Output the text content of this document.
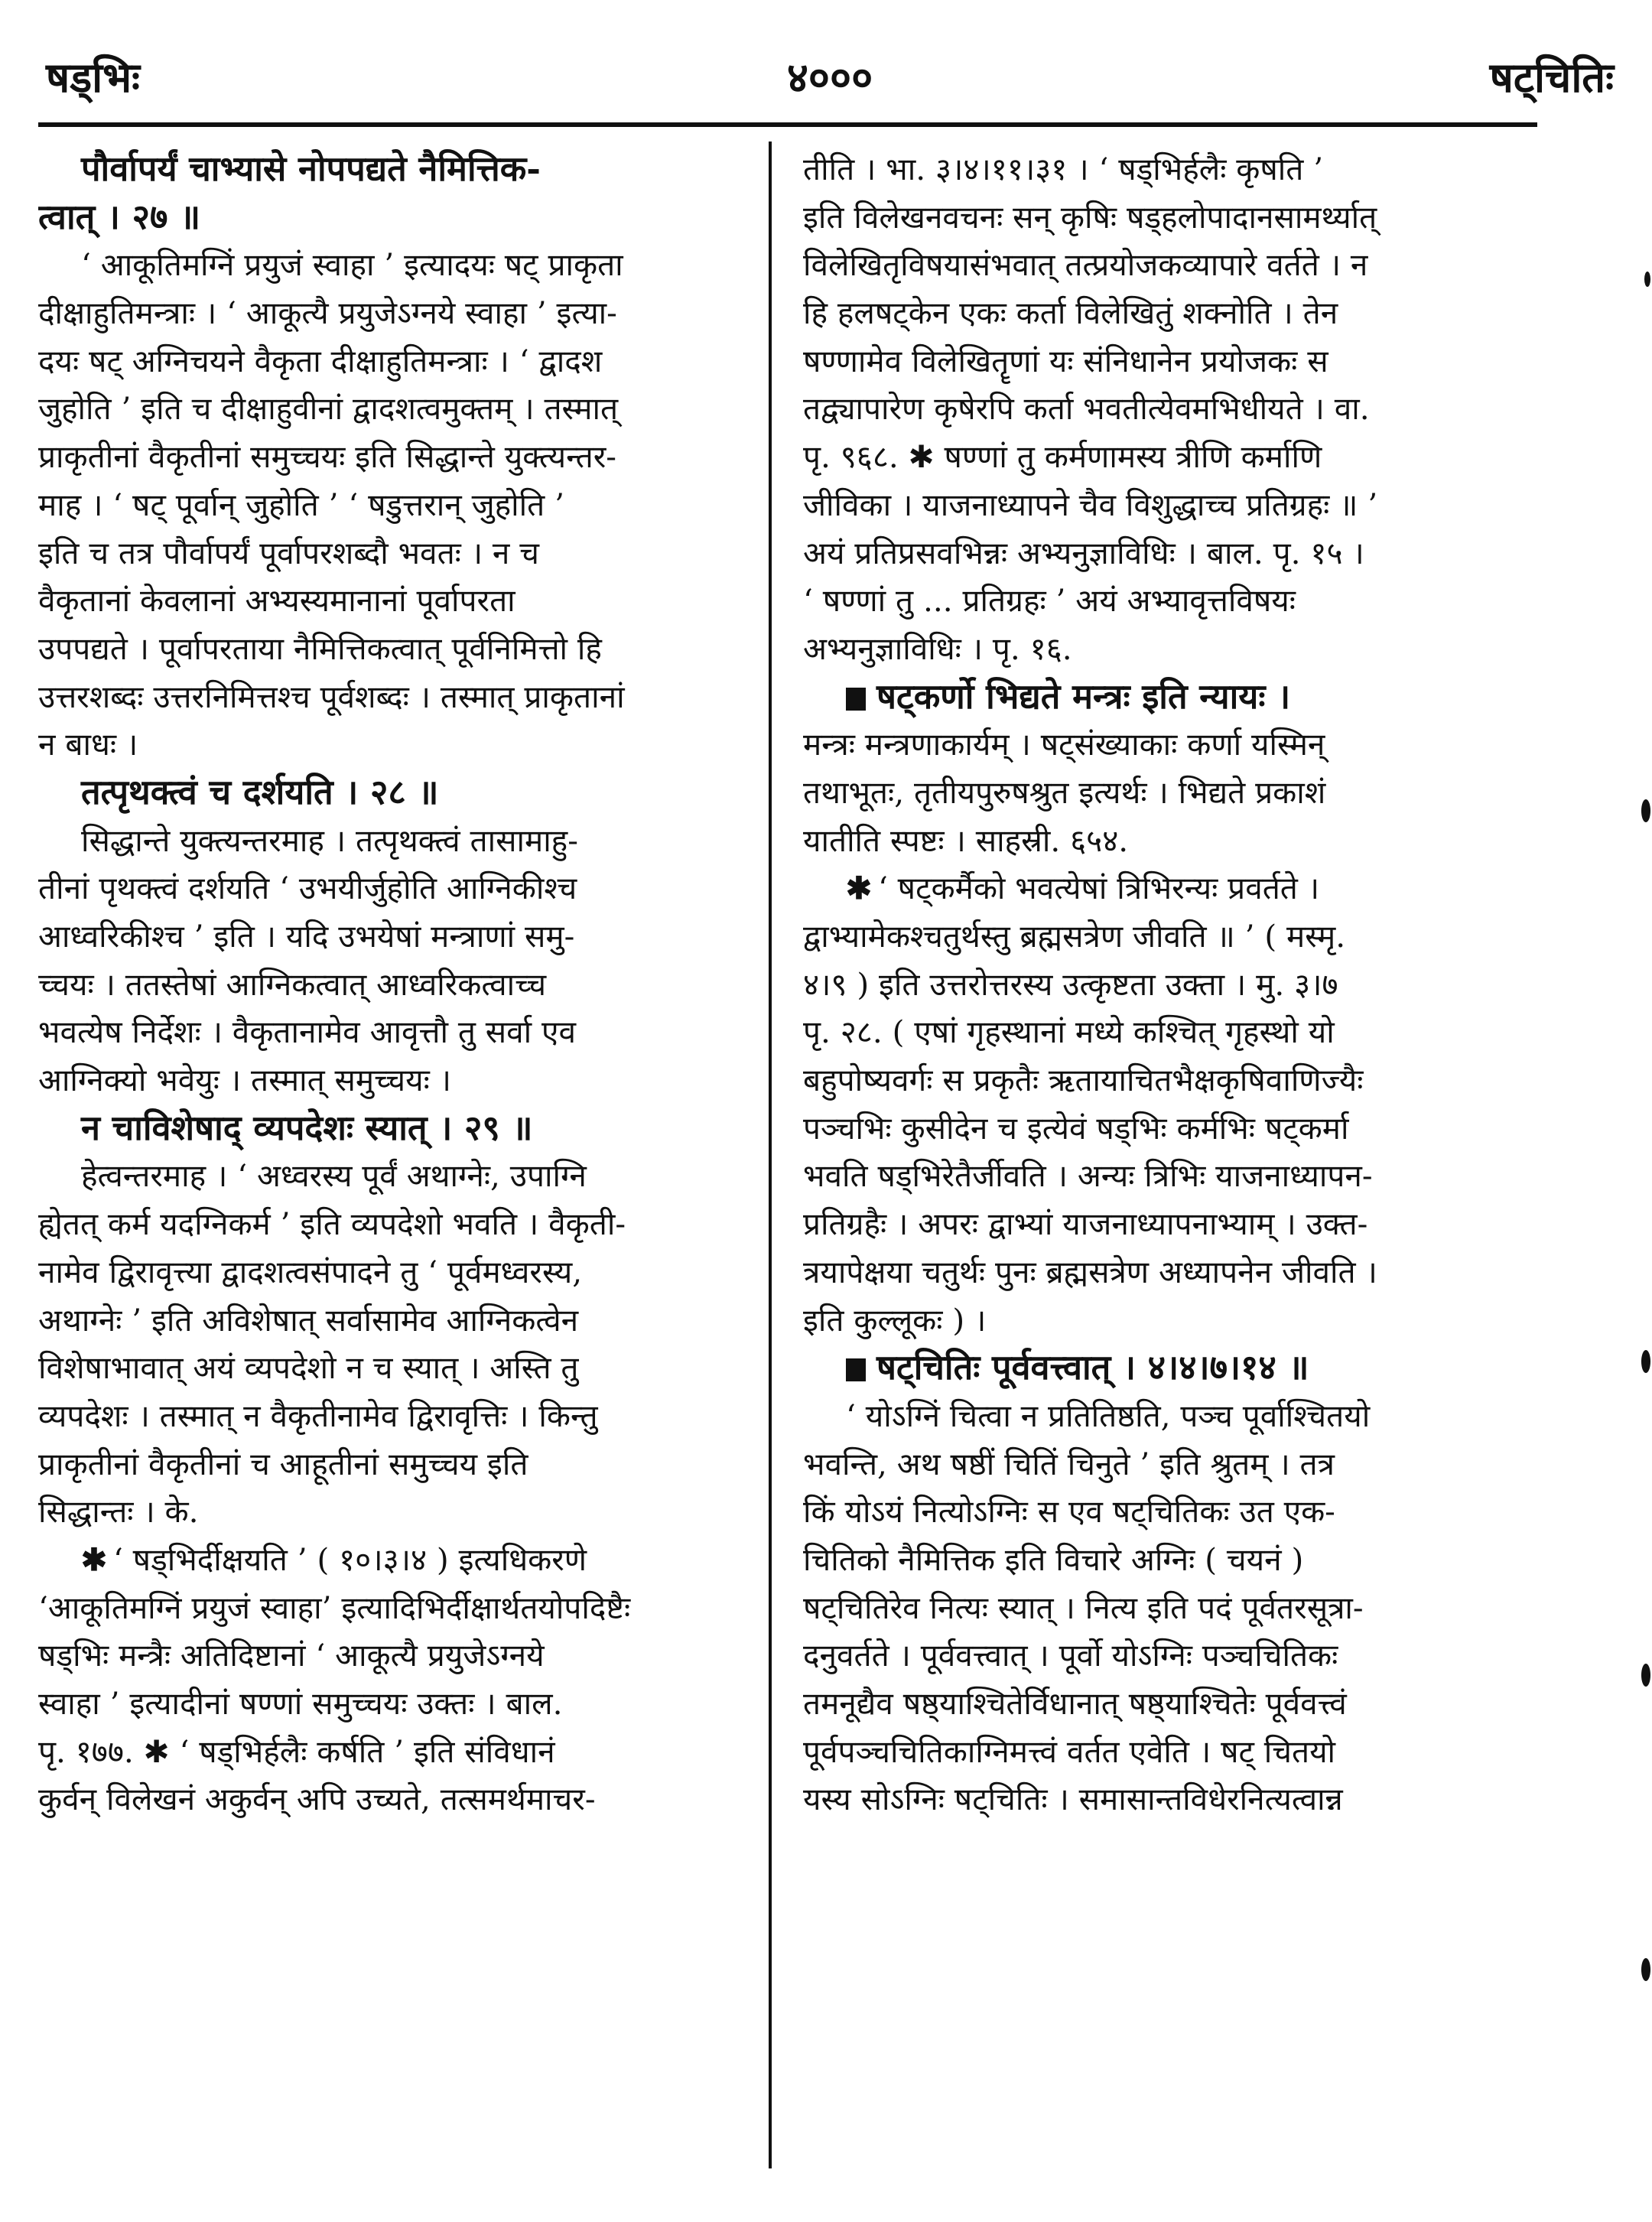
षड्भिः	४०००	षट्चितिः
पौर्वापर्यं चाभ्यासे नोपपद्यते नैमित्तिक-
त्वात् । २७ ॥
‘ आकूतिमग्निं प्रयुजं स्वाहा ’ इत्यादयः षट् प्राकृता
दीक्षाहुतिमन्त्राः । ‘ आकूत्यै प्रयुजेऽग्नये स्वाहा ’ इत्या-
दयः षट् अग्निचयने वैकृता दीक्षाहुतिमन्त्राः । ‘ द्वादश
जुहोति ’ इति च दीक्षाहुवीनां द्वादशत्वमुक्तम् । तस्मात्
प्राकृतीनां वैकृतीनां समुच्चयः इति सिद्धान्ते युक्त्यन्तर-
माह । ‘ षट् पूर्वान् जुहोति ’ ‘ षडुत्तरान् जुहोति ’
इति च तत्र पौर्वापर्यं पूर्वापरशब्दौ भवतः । न च
वैकृतानां केवलानां अभ्यस्यमानानां पूर्वापरता
उपपद्यते । पूर्वापरताया नैमित्तिकत्वात् पूर्वनिमित्तो हि
उत्तरशब्दः उत्तरनिमित्तश्च पूर्वशब्दः । तस्मात् प्राकृतानां
न बाधः ।
तत्पृथक्त्वं च दर्शयति । २८ ॥
सिद्धान्ते युक्त्यन्तरमाह । तत्पृथक्त्वं तासामाहु-
तीनां पृथक्त्वं दर्शयति ‘ उभयीर्जुहोति आग्निकीश्च
आध्वरिकीश्च ’ इति । यदि उभयेषां मन्त्राणां समु-
च्चयः । ततस्तेषां आग्निकत्वात् आध्वरिकत्वाच्च
भवत्येष निर्देशः । वैकृतानामेव आवृत्तौ तु सर्वा एव
आग्निक्यो भवेयुः । तस्मात् समुच्चयः ।
न चाविशेषाद् व्यपदेशः स्यात् । २९ ॥
हेत्वन्तरमाह । ‘ अध्वरस्य पूर्वं अथाग्नेः, उपाग्नि
ह्येतत् कर्म यदग्निकर्म ’ इति व्यपदेशो भवति । वैकृती-
नामेव द्विरावृत्त्या द्वादशत्वसंपादने तु ‘ पूर्वमध्वरस्य,
अथाग्नेः ’ इति अविशेषात् सर्वासामेव आग्निकत्वेन
विशेषाभावात् अयं व्यपदेशो न च स्यात् । अस्ति तु
व्यपदेशः । तस्मात् न वैकृतीनामेव द्विरावृत्तिः । किन्तु
प्राकृतीनां वैकृतीनां च आहूतीनां समुच्चय इति
सिद्धान्तः । के.
✱ ‘ षड्भिर्दीक्षयति ’ ( १०।३।४ ) इत्यधिकरणे
‘आकूतिमग्निं प्रयुजं स्वाहा’ इत्यादिभिर्दीक्षार्थतयोपदिष्टैः
षड्भिः मन्त्रैः अतिदिष्टानां ‘ आकूत्यै प्रयुजेऽग्नये
स्वाहा ’ इत्यादीनां षण्णां समुच्चयः उक्तः । बाल.
पृ. १७७. ✱ ‘ षड्भिर्हलैः कर्षति ’ इति संविधानं
कुर्वन् विलेखनं अकुर्वन् अपि उच्यते, तत्समर्थमाचर-
तीति । भा. ३।४।११।३१ । ‘ षड्भिर्हलैः कृषति ’
इति विलेखनवचनः सन् कृषिः षड्हलोपादानसामर्थ्यात्
विलेखितृविषयासंभवात् तत्प्रयोजकव्यापारे वर्तते । न
हि हलषट्केन एकः कर्ता विलेखितुं शक्नोति । तेन
षण्णामेव विलेखितॄणां यः संनिधानेन प्रयोजकः स
तद्व्यापारेण कृषेरपि कर्ता भवतीत्येवमभिधीयते । वा.
पृ. ९६८. ✱ षण्णां तु कर्मणामस्य त्रीणि कर्माणि
जीविका । याजनाध्यापने चैव विशुद्धाच्च प्रतिग्रहः ॥ ’
अयं प्रतिप्रसवभिन्नः अभ्यनुज्ञाविधिः । बाल. पृ. १५ ।
‘ षण्णां तु ... प्रतिग्रहः ’ अयं अभ्यावृत्तविषयः
अभ्यनुज्ञाविधिः । पृ. १६.
षट्कर्णो भिद्यते मन्त्रः इति न्यायः ।
मन्त्रः मन्त्रणाकार्यम् । षट्संख्याकाः कर्णा यस्मिन्
तथाभूतः, तृतीयपुरुषश्रुत इत्यर्थः । भिद्यते प्रकाशं
यातीति स्पष्टः । साहस्री. ६५४.
✱ ‘ षट्कर्मैको भवत्येषां त्रिभिरन्यः प्रवर्तते ।
द्वाभ्यामेकश्चतुर्थस्तु ब्रह्मसत्रेण जीवति ॥ ’ ( मस्मृ.
४।९ ) इति उत्तरोत्तरस्य उत्कृष्टता उक्ता । मु. ३।७
पृ. २८. ( एषां गृहस्थानां मध्ये कश्चित् गृहस्थो यो
बहुपोष्यवर्गः स प्रकृतैः ऋतायाचितभैक्षकृषिवाणिज्यैः
पञ्चभिः कुसीदेन च इत्येवं षड्भिः कर्मभिः षट्कर्मा
भवति षड्भिरेतैर्जीवति । अन्यः त्रिभिः याजनाध्यापन-
प्रतिग्रहैः । अपरः द्वाभ्यां याजनाध्यापनाभ्याम् । उक्त-
त्रयापेक्षया चतुर्थः पुनः ब्रह्मसत्रेण अध्यापनेन जीवति ।
इति कुल्लूकः ) ।
षट्चितिः पूर्ववत्त्वात् । ४।४।७।१४ ॥
‘ योऽग्निं चित्वा न प्रतितिष्ठति, पञ्च पूर्वाश्चितयो
भवन्ति, अथ षष्ठीं चितिं चिनुते ’ इति श्रुतम् । तत्र
किं योऽयं नित्योऽग्निः स एव षट्चितिकः उत एक-
चितिको नैमित्तिक इति विचारे अग्निः ( चयनं )
षट्चितिरेव नित्यः स्यात् । नित्य इति पदं पूर्वतरसूत्रा-
दनुवर्तते । पूर्ववत्त्वात् । पूर्वो योऽग्निः पञ्चचितिकः
तमनूद्यैव षष्ठ्याश्चितेर्विधानात् षष्ठ्याश्चितेः पूर्ववत्त्वं
पूर्वपञ्चचितिकाग्निमत्त्वं वर्तत एवेति । षट् चितयो
यस्य सोऽग्निः षट्चितिः । समासान्तविधेरनित्यत्वान्न
